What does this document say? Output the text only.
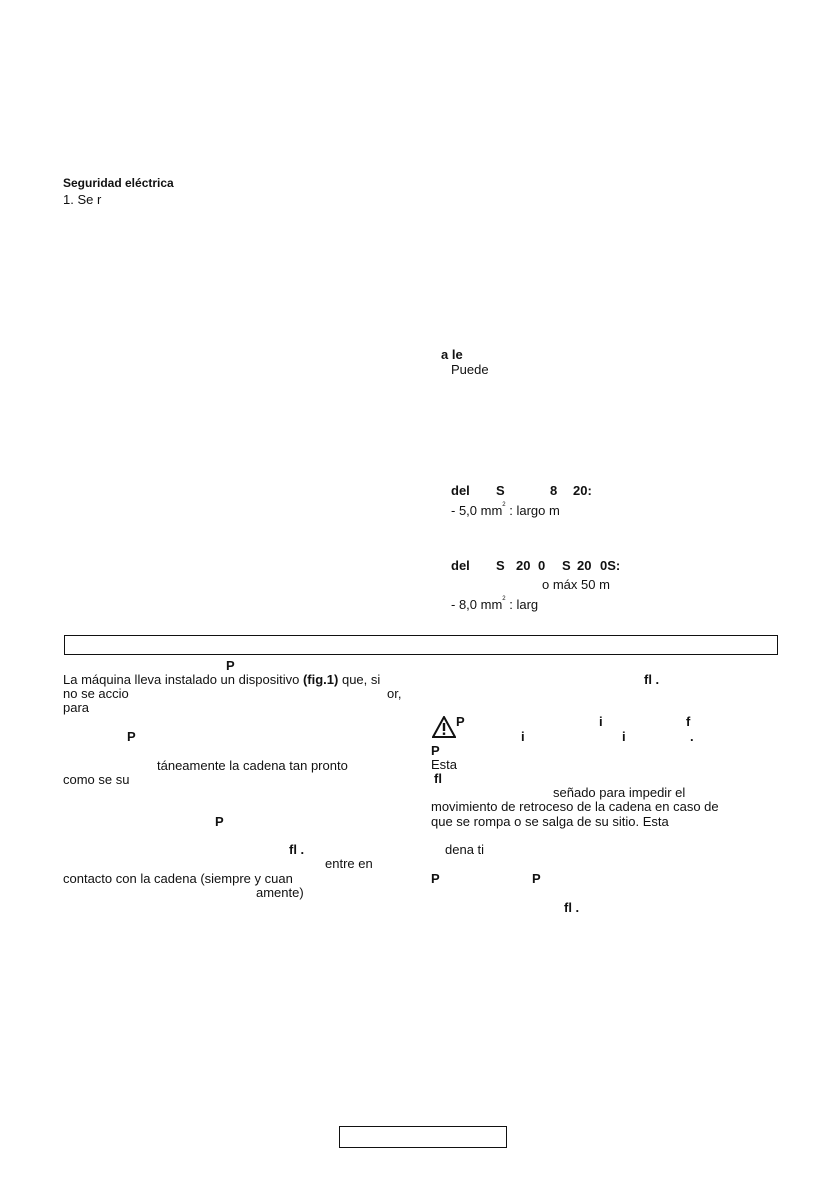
Seguridad eléctrica
1. Se r
a le
Puede
del S	8 20:
- 5,0 $mm^2$ : largo m
del S 20 0 S 20 0S:
o máx 50 m
- 8,0 $mm^2$ : larg
P
La máquina lleva instalado un dispositivo (fig.1) que, si
no se accio	or,
para
P
táneamente la cadena tan pronto
como se su
P
fl .
entre en
contacto con la cadena (siempre y cuan
amente)
fl .
P	i	f
i	i	.
P
Esta
fl
señado para impedir el
movimiento de retroceso de la cadena en caso de
que se rompa o se salga de su sitio. Esta
dena ti
P	P
fl .
